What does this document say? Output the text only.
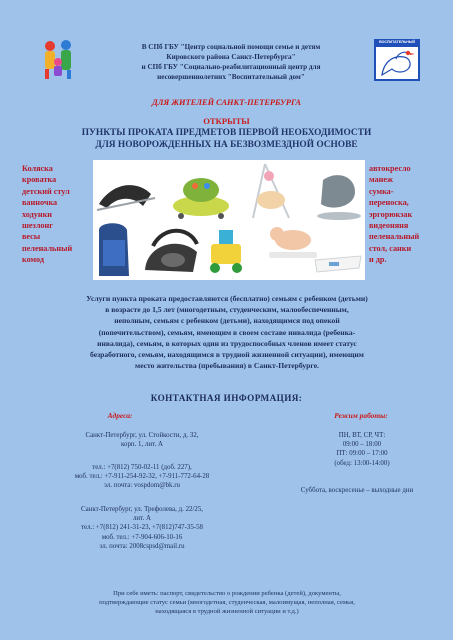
ВОСПИТАТЕЛЬНЫЙ
В СПб ГБУ "Центр социальной помощи семье и детям
Кировского района Санкт-Петербурга"
и СПб ГБУ "Социально-реабилитационный центр для
несовершеннолетних "Воспитательный дом"
ДЛЯ ЖИТЕЛЕЙ САНКТ-ПЕТЕРБУРГА
ОТКРЫТЫ
ПУНКТЫ ПРОКАТА ПРЕДМЕТОВ ПЕРВОЙ НЕОБХОДИМОСТИ
ДЛЯ НОВОРОЖДЕННЫХ НА БЕЗВОЗМЕЗДНОЙ ОСНОВЕ
Коляска
кроватка
детский стул
ванночка
ходунки
шезлонг
весы
пеленальный
комод
автокресло
манеж
сумка-
переноска,
эргорюкзак
видеоняня
пеленальный
стол, санки
и др.
Услуги пункта проката предоставляются (бесплатно) семьям с ребенком (детьми)
в возрасте до 1,5 лет (многодетным, студенческим, малообеспеченным,
неполным, семьям с ребенком (детьми), находящимся под опекой
(попечительством), семьям, имеющим в своем составе инвалида (ребенка-
инвалида), семьям, в которых один из трудоспособных членов имеет статус
безработного, семьям, находящимся в трудной жизненной ситуации), имеющим
место жительства (пребывания) в Санкт-Петербурге.
КОНТАКТНАЯ ИНФОРМАЦИЯ:
Адреса:	Режим работы:
Санкт-Петербург, ул. Стойкости, д. 32,
корп. 1, лит. А
тел.: +7(812) 750-02-11 (доб. 227),
моб. тел.: +7-911-254-92-32, +7-911-772-64-28
эл. почта: vospdom@bk.ru
Санкт-Петербург, ул. Трефолева, д. 22/25,
лит. А
тел.: +7(812) 241-31-23, +7(812)747-35-58
моб. тел.: +7-904-606-10-16
эл. почта: 2008cspsd@mail.ru
ПН, ВТ, СР, ЧТ:
09:00 – 18:00
ПТ: 09:00 – 17:00
(обед: 13:00-14:00)
Суббота, воскресенье – выходные дни
При себе иметь: паспорт, свидетельство о рождении ребенка (детей), документы,
подтверждающие статус семьи (многодетная, студенческая, малоимущая, неполная, семья,
находящаяся в трудной жизненной ситуации и т.д.)
